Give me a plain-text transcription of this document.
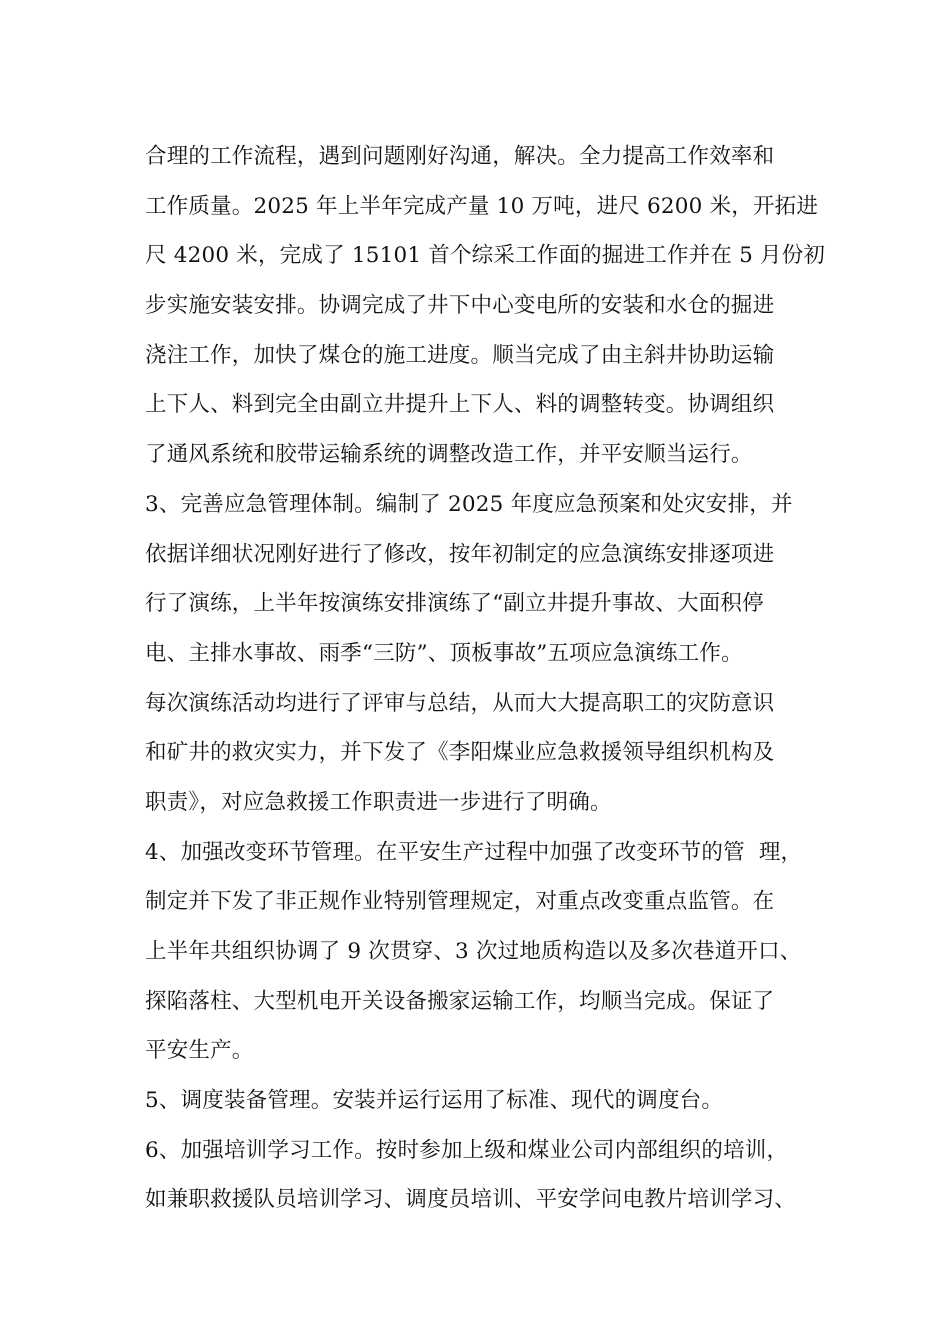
合理的工作流程，遇到问题刚好沟通，解决。全力提高工作效率和
工作质量。2025 年上半年完成产量 10 万吨，进尺 6200 米，开拓进
尺 4200 米，完成了 15101 首个综采工作面的掘进工作并在 5 月份初
步实施安装安排。协调完成了井下中心变电所的安装和水仓的掘进
浇注工作，加快了煤仓的施工进度。顺当完成了由主斜井协助运输
上下人、料到完全由副立井提升上下人、料的调整转变。协调组织
了通风系统和胶带运输系统的调整改造工作，并平安顺当运行。
3、完善应急管理体制。编制了 2025 年度应急预案和处灾安排，并
依据详细状况刚好进行了修改，按年初制定的应急演练安排逐项进
行了演练，上半年按演练安排演练了“副立井提升事故、大面积停
电、主排水事故、雨季“三防”、顶板事故”五项应急演练工作。
每次演练活动均进行了评审与总结，从而大大提高职工的灾防意识
和矿井的救灾实力，并下发了《李阳煤业应急救援领导组织机构及
职责》，对应急救援工作职责进一步进行了明确。
4、加强改变环节管理。在平安生产过程中加强了改变环节的管  理，
制定并下发了非正规作业特别管理规定，对重点改变重点监管。在
上半年共组织协调了 9 次贯穿、3 次过地质构造以及多次巷道开口、
探陷落柱、大型机电开关设备搬家运输工作，均顺当完成。保证了
平安生产。
5、调度装备管理。安装并运行运用了标准、现代的调度台。
6、加强培训学习工作。按时参加上级和煤业公司内部组织的培训，
如兼职救援队员培训学习、调度员培训、平安学问电教片培训学习、
